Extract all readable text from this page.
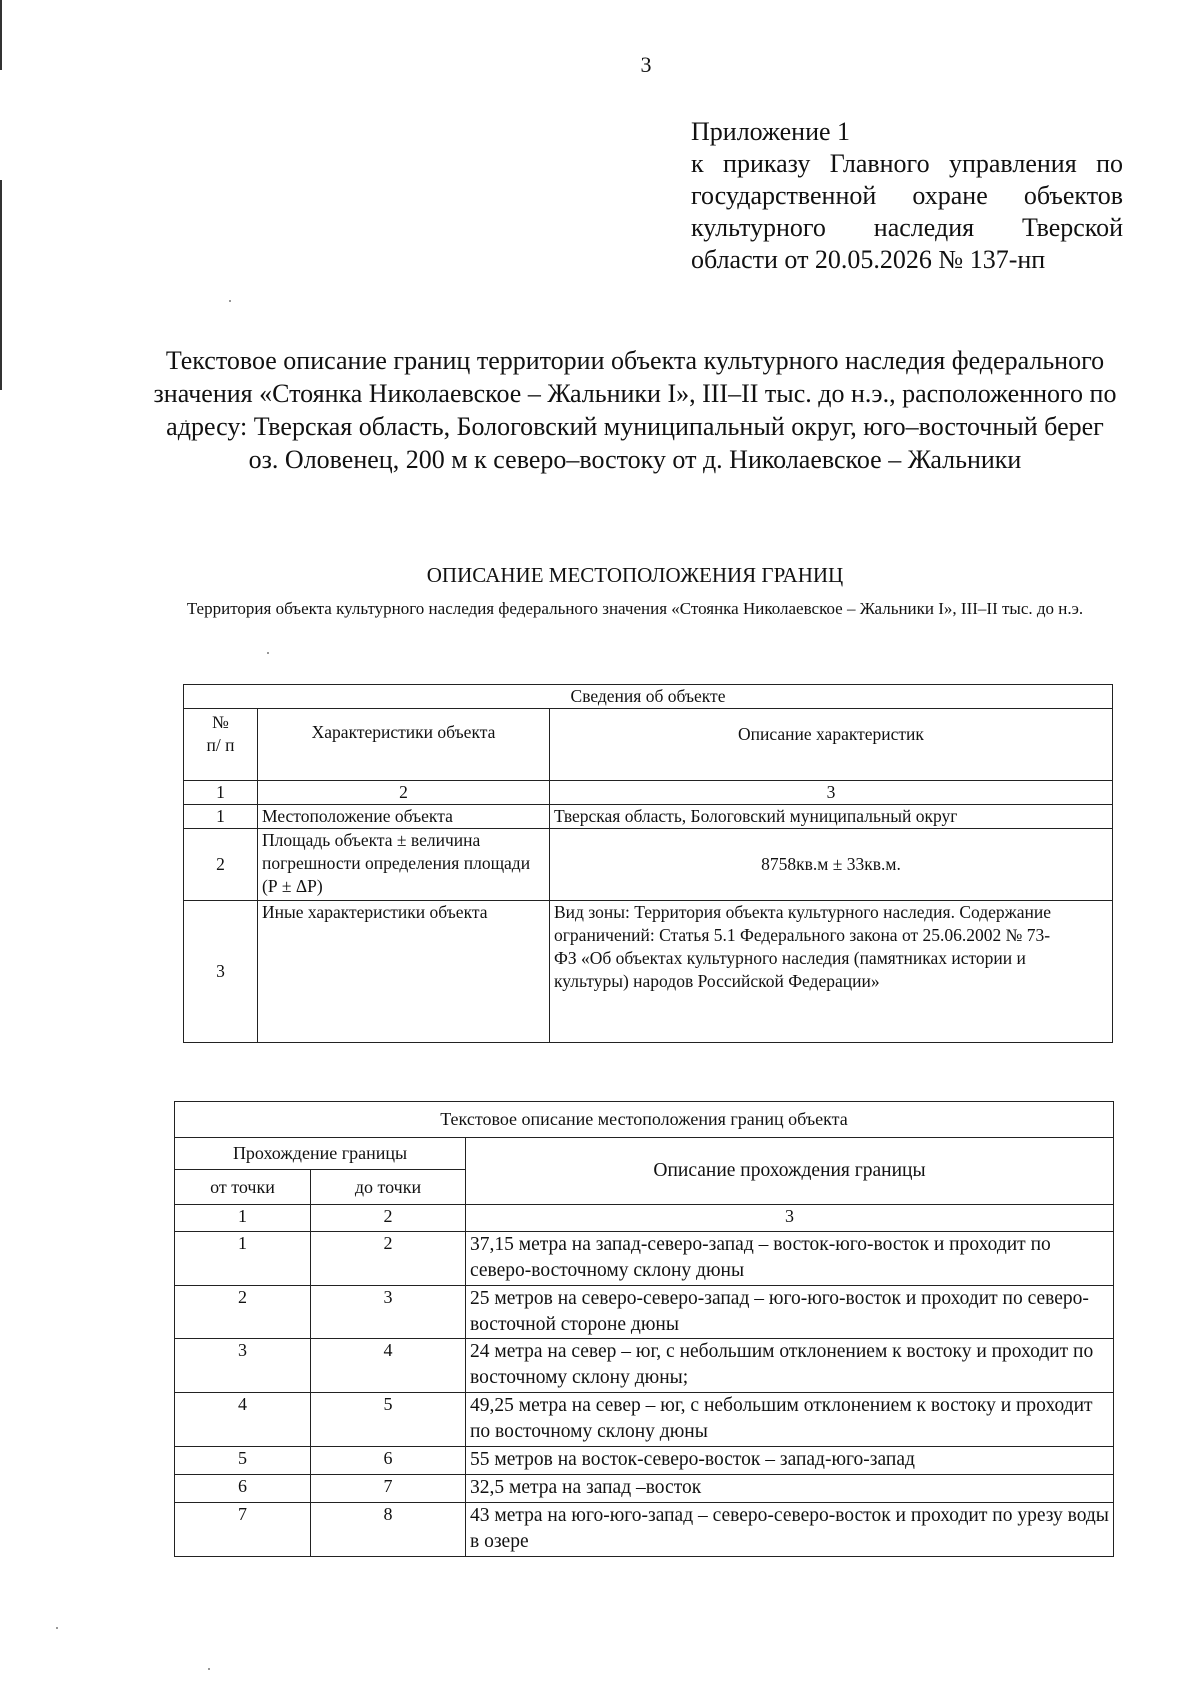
3
Приложение 1
к приказу Главного управления по
государственной охране объектов
культурного наследия Тверской
области от 20.05.2026 № 137-нп
Текстовое описание границ территории объекта культурного наследия федерального значения «Стоянка Николаевское – Жальники I», III–II тыс. до н.э., расположенного по адресу: Тверская область, Бологовский муниципальный округ, юго–восточный берег оз. Оловенец, 200 м к северо–востоку от д. Николаевское – Жальники
ОПИСАНИЕ МЕСТОПОЛОЖЕНИЯ ГРАНИЦ
Территория объекта культурного наследия федерального значения «Стоянка Николаевское – Жальники I», III–II тыс. до н.э.
Сведения об объекте		
№ п/ п	Характеристики объекта	Описание характеристик
1	2	3
1	Местоположение объекта	Тверская область, Бологовский муниципальный округ
2	Площадь объекта ± величина погрешности определения площади (Р ± ΔР)	8758кв.м ± 33кв.м.
3	Иные характеристики объекта	Вид зоны: Территория объекта культурного наследия. Содержание ограничений: Статья 5.1 Федерального закона от 25.06.2002 № 73-ФЗ «Об объектах культурного наследия (памятниках истории и культуры) народов Российской Федерации»
Текстовое описание местоположения границ объекта		
Прохождение границы		Описание прохождения границы
от точки	до точки	
1	2	3
1	2	37,15 метра на запад-северо-запад – восток-юго-восток и проходит по северо-восточному склону дюны
2	3	25 метров на северо-северо-запад – юго-юго-восток и проходит по северо-восточной стороне дюны
3	4	24 метра на север – юг, с небольшим отклонением к востоку и проходит по восточному склону дюны;
4	5	49,25 метра на север – юг, с небольшим отклонением к востоку и проходит по восточному склону дюны
5	6	55 метров на восток-северо-восток – запад-юго-запад
6	7	32,5 метра на запад –восток
7	8	43 метра на юго-юго-запад – северо-северо-восток и проходит по урезу воды в озере
